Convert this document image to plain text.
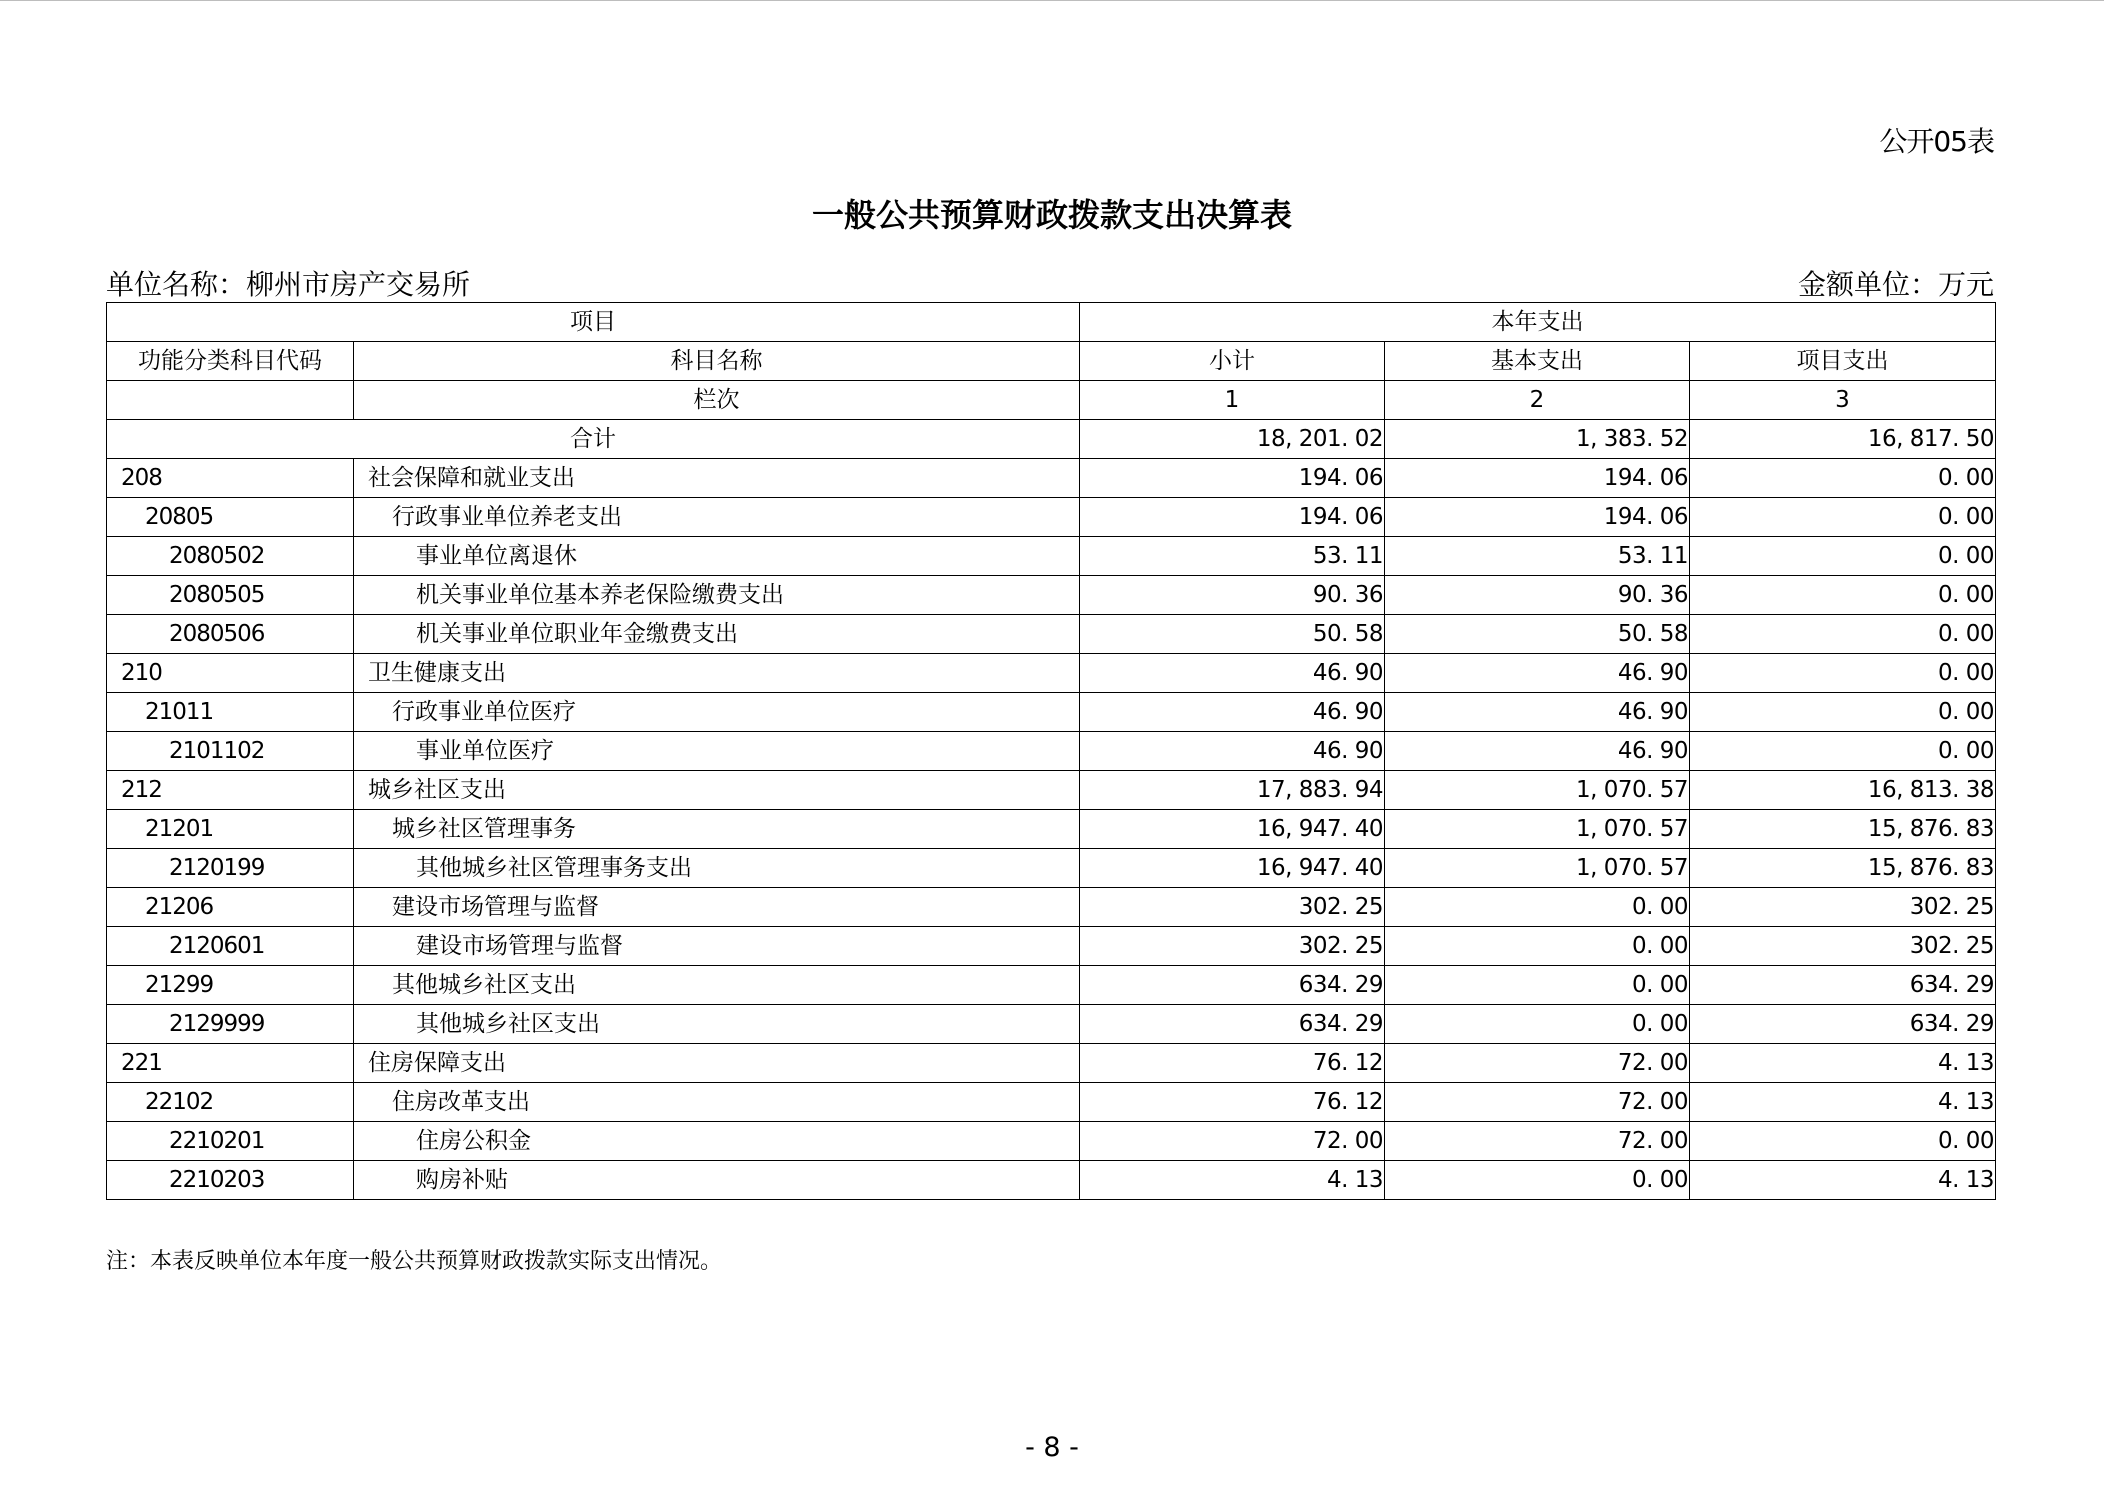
公开05表
一般公共预算财政拨款支出决算表
单位名称：柳州市房产交易所	金额单位：万元
项目		本年支出		
功能分类科目代码	科目名称	小计	基本支出	项目支出
	栏次	1	2	3
合计		18, 201. 02	1, 383. 52	16, 817. 50
208	社会保障和就业支出	194. 06	194. 06	0. 00
20805	行政事业单位养老支出	194. 06	194. 06	0. 00
2080502	事业单位离退休	53. 11	53. 11	0. 00
2080505	机关事业单位基本养老保险缴费支出	90. 36	90. 36	0. 00
2080506	机关事业单位职业年金缴费支出	50. 58	50. 58	0. 00
210	卫生健康支出	46. 90	46. 90	0. 00
21011	行政事业单位医疗	46. 90	46. 90	0. 00
2101102	事业单位医疗	46. 90	46. 90	0. 00
212	城乡社区支出	17, 883. 94	1, 070. 57	16, 813. 38
21201	城乡社区管理事务	16, 947. 40	1, 070. 57	15, 876. 83
2120199	其他城乡社区管理事务支出	16, 947. 40	1, 070. 57	15, 876. 83
21206	建设市场管理与监督	302. 25	0. 00	302. 25
2120601	建设市场管理与监督	302. 25	0. 00	302. 25
21299	其他城乡社区支出	634. 29	0. 00	634. 29
2129999	其他城乡社区支出	634. 29	0. 00	634. 29
221	住房保障支出	76. 12	72. 00	4. 13
22102	住房改革支出	76. 12	72. 00	4. 13
2210201	住房公积金	72. 00	72. 00	0. 00
2210203	购房补贴	4. 13	0. 00	4. 13
注：本表反映单位本年度一般公共预算财政拨款实际支出情况。
- 8 -
